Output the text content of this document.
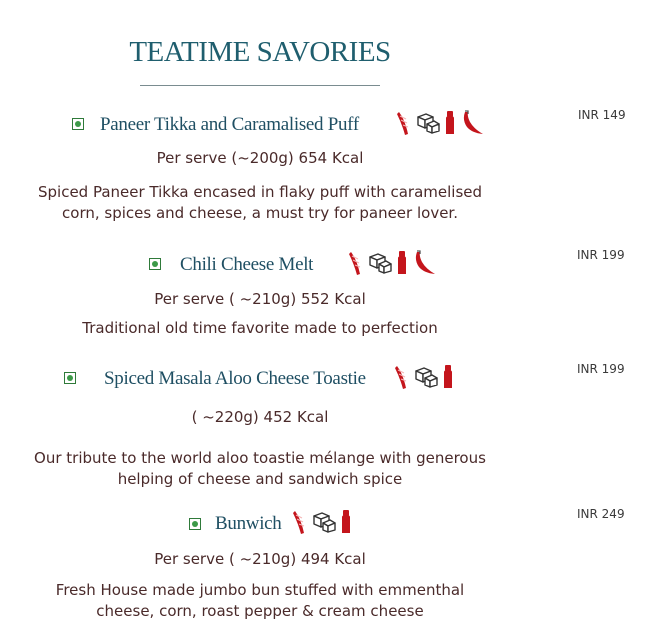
TEATIME SAVORIES
Paneer Tikka and Caramalised Puff	INR 149
Per serve (~200g) 654 Kcal
Spiced Paneer Tikka encased in flaky puff with caramelised
corn, spices and cheese, a must try for paneer lover.
Chili Cheese Melt	INR 199
Per serve ( ~210g) 552 Kcal
Traditional old time favorite made to perfection
Spiced Masala Aloo Cheese Toastie	INR 199
( ~220g) 452 Kcal
Our tribute to the world aloo toastie mélange with generous
helping of cheese and sandwich spice
Bunwich	INR 249
Per serve ( ~210g) 494 Kcal
Fresh House made jumbo bun stuffed with emmenthal
cheese, corn, roast pepper & cream cheese
